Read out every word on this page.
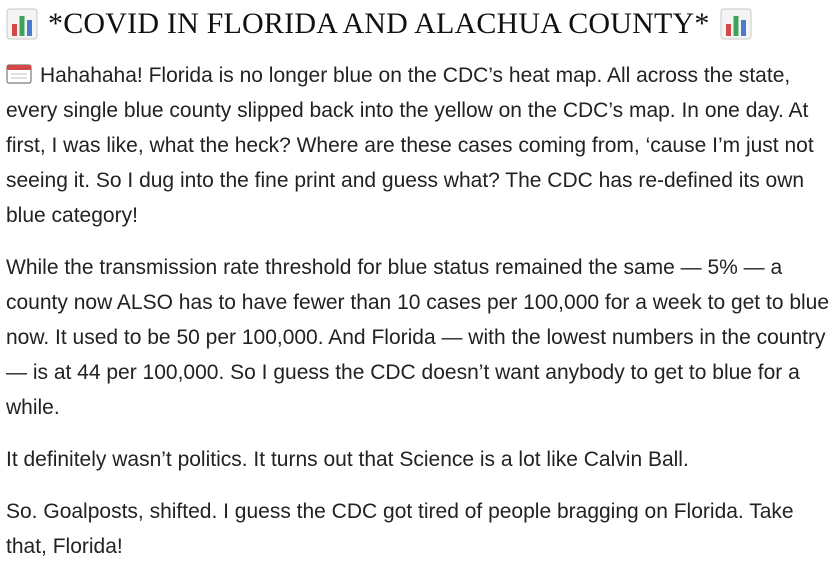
*COVID IN FLORIDA AND ALACHUA COUNTY*

Hahahaha! Florida is no longer blue on the CDC’s heat map. All across the state, every single blue county slipped back into the yellow on the CDC’s map. In one day. At first, I was like, what the heck? Where are these cases coming from, ‘cause I’m just not seeing it. So I dug into the fine print and guess what? The CDC has re-defined its own blue category!

While the transmission rate threshold for blue status remained the same — 5% — a county now ALSO has to have fewer than 10 cases per 100,000 for a week to get to blue now. It used to be 50 per 100,000. And Florida — with the lowest numbers in the country — is at 44 per 100,000. So I guess the CDC doesn’t want anybody to get to blue for a while.

It definitely wasn’t politics. It turns out that Science is a lot like Calvin Ball.

So. Goalposts, shifted. I guess the CDC got tired of people bragging on Florida. Take that, Florida!
